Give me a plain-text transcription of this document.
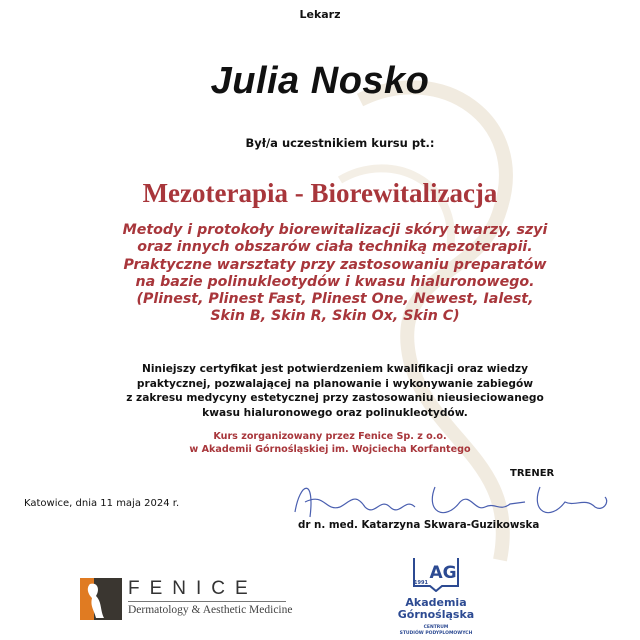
Lekarz
Julia Nosko
Był/a uczestnikiem kursu pt.:
Mezoterapia - Biorewitalizacja
Metody i protokoły biorewitalizacji skóry twarzy, szyi
oraz innych obszarów ciała techniką mezoterapii.
Praktyczne warsztaty przy zastosowaniu preparatów
na bazie polinukleotydów i kwasu hialuronowego.
(Plinest, Plinest Fast, Plinest One, Newest, Ialest,
Skin B, Skin R, Skin Ox, Skin C)
Niniejszy certyfikat jest potwierdzeniem kwalifikacji oraz wiedzy
praktycznej, pozwalającej na planowanie i wykonywanie zabiegów
z zakresu medycyny estetycznej przy zastosowaniu nieusieciowanego
kwasu hialuronowego oraz polinukleotydów.
Kurs zorganizowany przez Fenice Sp. z o.o.
w Akademii Górnośląskiej im. Wojciecha Korfantego
TRENER
Katowice, dnia 11 maja 2024 r.
dr n. med. Katarzyna Skwara-Guzikowska
FENICE
Dermatology & Aesthetic Medicine
AG
1991
Akademia
Górnośląska
CENTRUM
STUDIÓW PODYPLOMOWYCH
